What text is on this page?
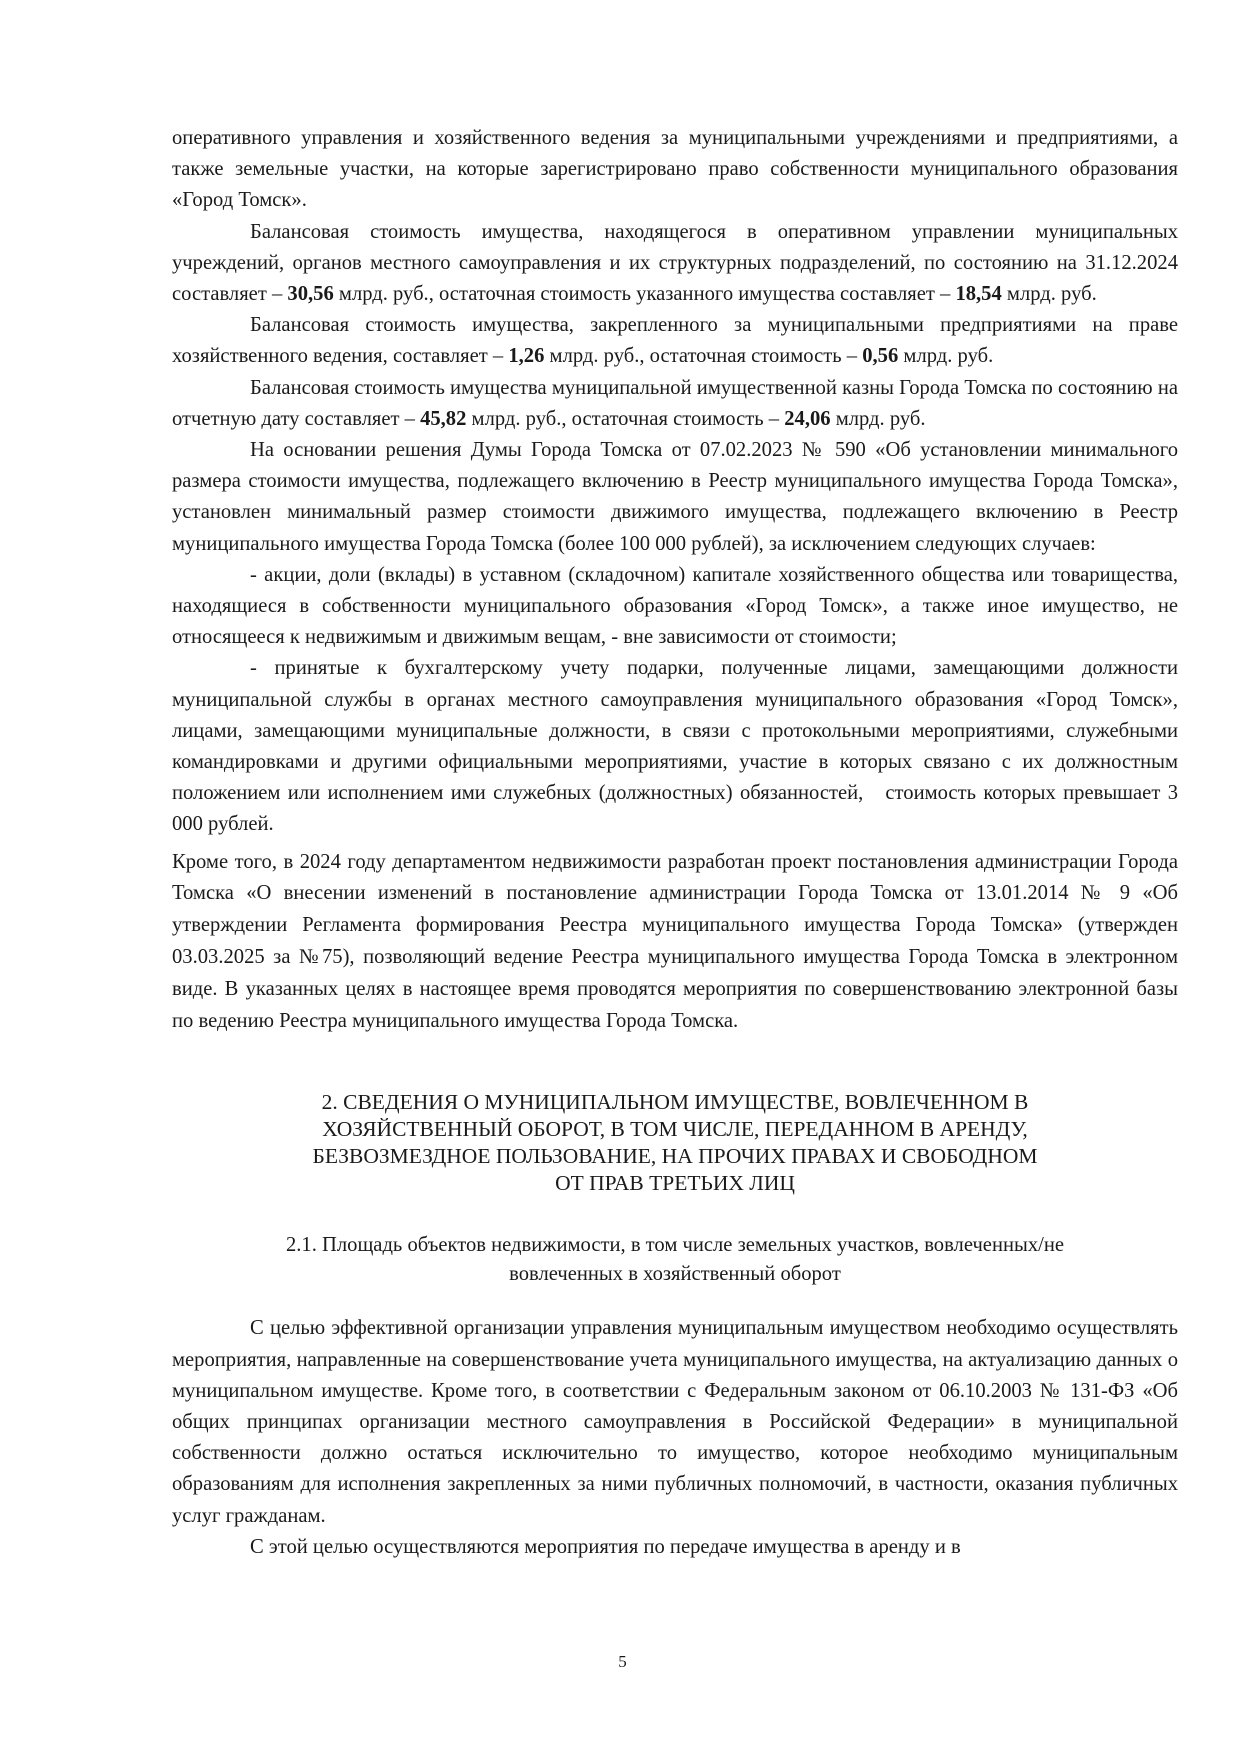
оперативного управления и хозяйственного ведения за муниципальными учреждениями и предприятиями, а также земельные участки, на которые зарегистрировано право собственности муниципального образования «Город Томск».

Балансовая стоимость имущества, находящегося в оперативном управлении муниципальных учреждений, органов местного самоуправления и их структурных подразделений, по состоянию на 31.12.2024 составляет – 30,56 млрд. руб., остаточная стоимость указанного имущества составляет – 18,54 млрд. руб.

Балансовая стоимость имущества, закрепленного за муниципальными предприятиями на праве хозяйственного ведения, составляет – 1,26 млрд. руб., остаточная стоимость – 0,56 млрд. руб.

Балансовая стоимость имущества муниципальной имущественной казны Города Томска по состоянию на отчетную дату составляет – 45,82 млрд. руб., остаточная стоимость – 24,06 млрд. руб.

На основании решения Думы Города Томска от 07.02.2023 № 590 «Об установлении минимального размера стоимости имущества, подлежащего включению в Реестр муниципального имущества Города Томска», установлен минимальный размер стоимости движимого имущества, подлежащего включению в Реестр муниципального имущества Города Томска (более 100 000 рублей), за исключением следующих случаев:

- акции, доли (вклады) в уставном (складочном) капитале хозяйственного общества или товарищества, находящиеся в собственности муниципального образования «Город Томск», а также иное имущество, не относящееся к недвижимым и движимым вещам, - вне зависимости от стоимости;

- принятые к бухгалтерскому учету подарки, полученные лицами, замещающими должности муниципальной службы в органах местного самоуправления муниципального образования «Город Томск», лицами, замещающими муниципальные должности, в связи с протокольными мероприятиями, служебными командировками и другими официальными мероприятиями, участие в которых связано с их должностным положением или исполнением ими служебных (должностных) обязанностей,   стоимость которых превышает 3 000 рублей.

Кроме того, в 2024 году департаментом недвижимости разработан проект постановления администрации Города Томска «О внесении изменений в постановление администрации Города Томска от 13.01.2014 № 9 «Об утверждении Регламента формирования Реестра муниципального имущества Города Томска» (утвержден 03.03.2025 за №75), позволяющий ведение Реестра муниципального имущества Города Томска в электронном виде. В указанных целях в настоящее время проводятся мероприятия по совершенствованию электронной базы по ведению Реестра муниципального имущества Города Томска.

2. СВЕДЕНИЯ О МУНИЦИПАЛЬНОМ ИМУЩЕСТВЕ, ВОВЛЕЧЕННОМ В
ХОЗЯЙСТВЕННЫЙ ОБОРОТ, В ТОМ ЧИСЛЕ, ПЕРЕДАННОМ В АРЕНДУ,
БЕЗВОЗМЕЗДНОЕ ПОЛЬЗОВАНИЕ, НА ПРОЧИХ ПРАВАХ И СВОБОДНОМ
ОТ ПРАВ ТРЕТЬИХ ЛИЦ
2.1. Площадь объектов недвижимости, в том числе земельных участков, вовлеченных/не
вовлеченных в хозяйственный оборот

С целью эффективной организации управления муниципальным имуществом необходимо осуществлять мероприятия, направленные на совершенствование учета муниципального имущества, на актуализацию данных о муниципальном имуществе. Кроме того, в соответствии с Федеральным законом от 06.10.2003 № 131-ФЗ «Об общих принципах организации местного самоуправления в Российской Федерации» в муниципальной собственности должно остаться исключительно то имущество, которое необходимо муниципальным образованиям для исполнения закрепленных за ними публичных полномочий, в частности, оказания публичных услуг гражданам.

С этой целью осуществляются мероприятия по передаче имущества в аренду и в

5
